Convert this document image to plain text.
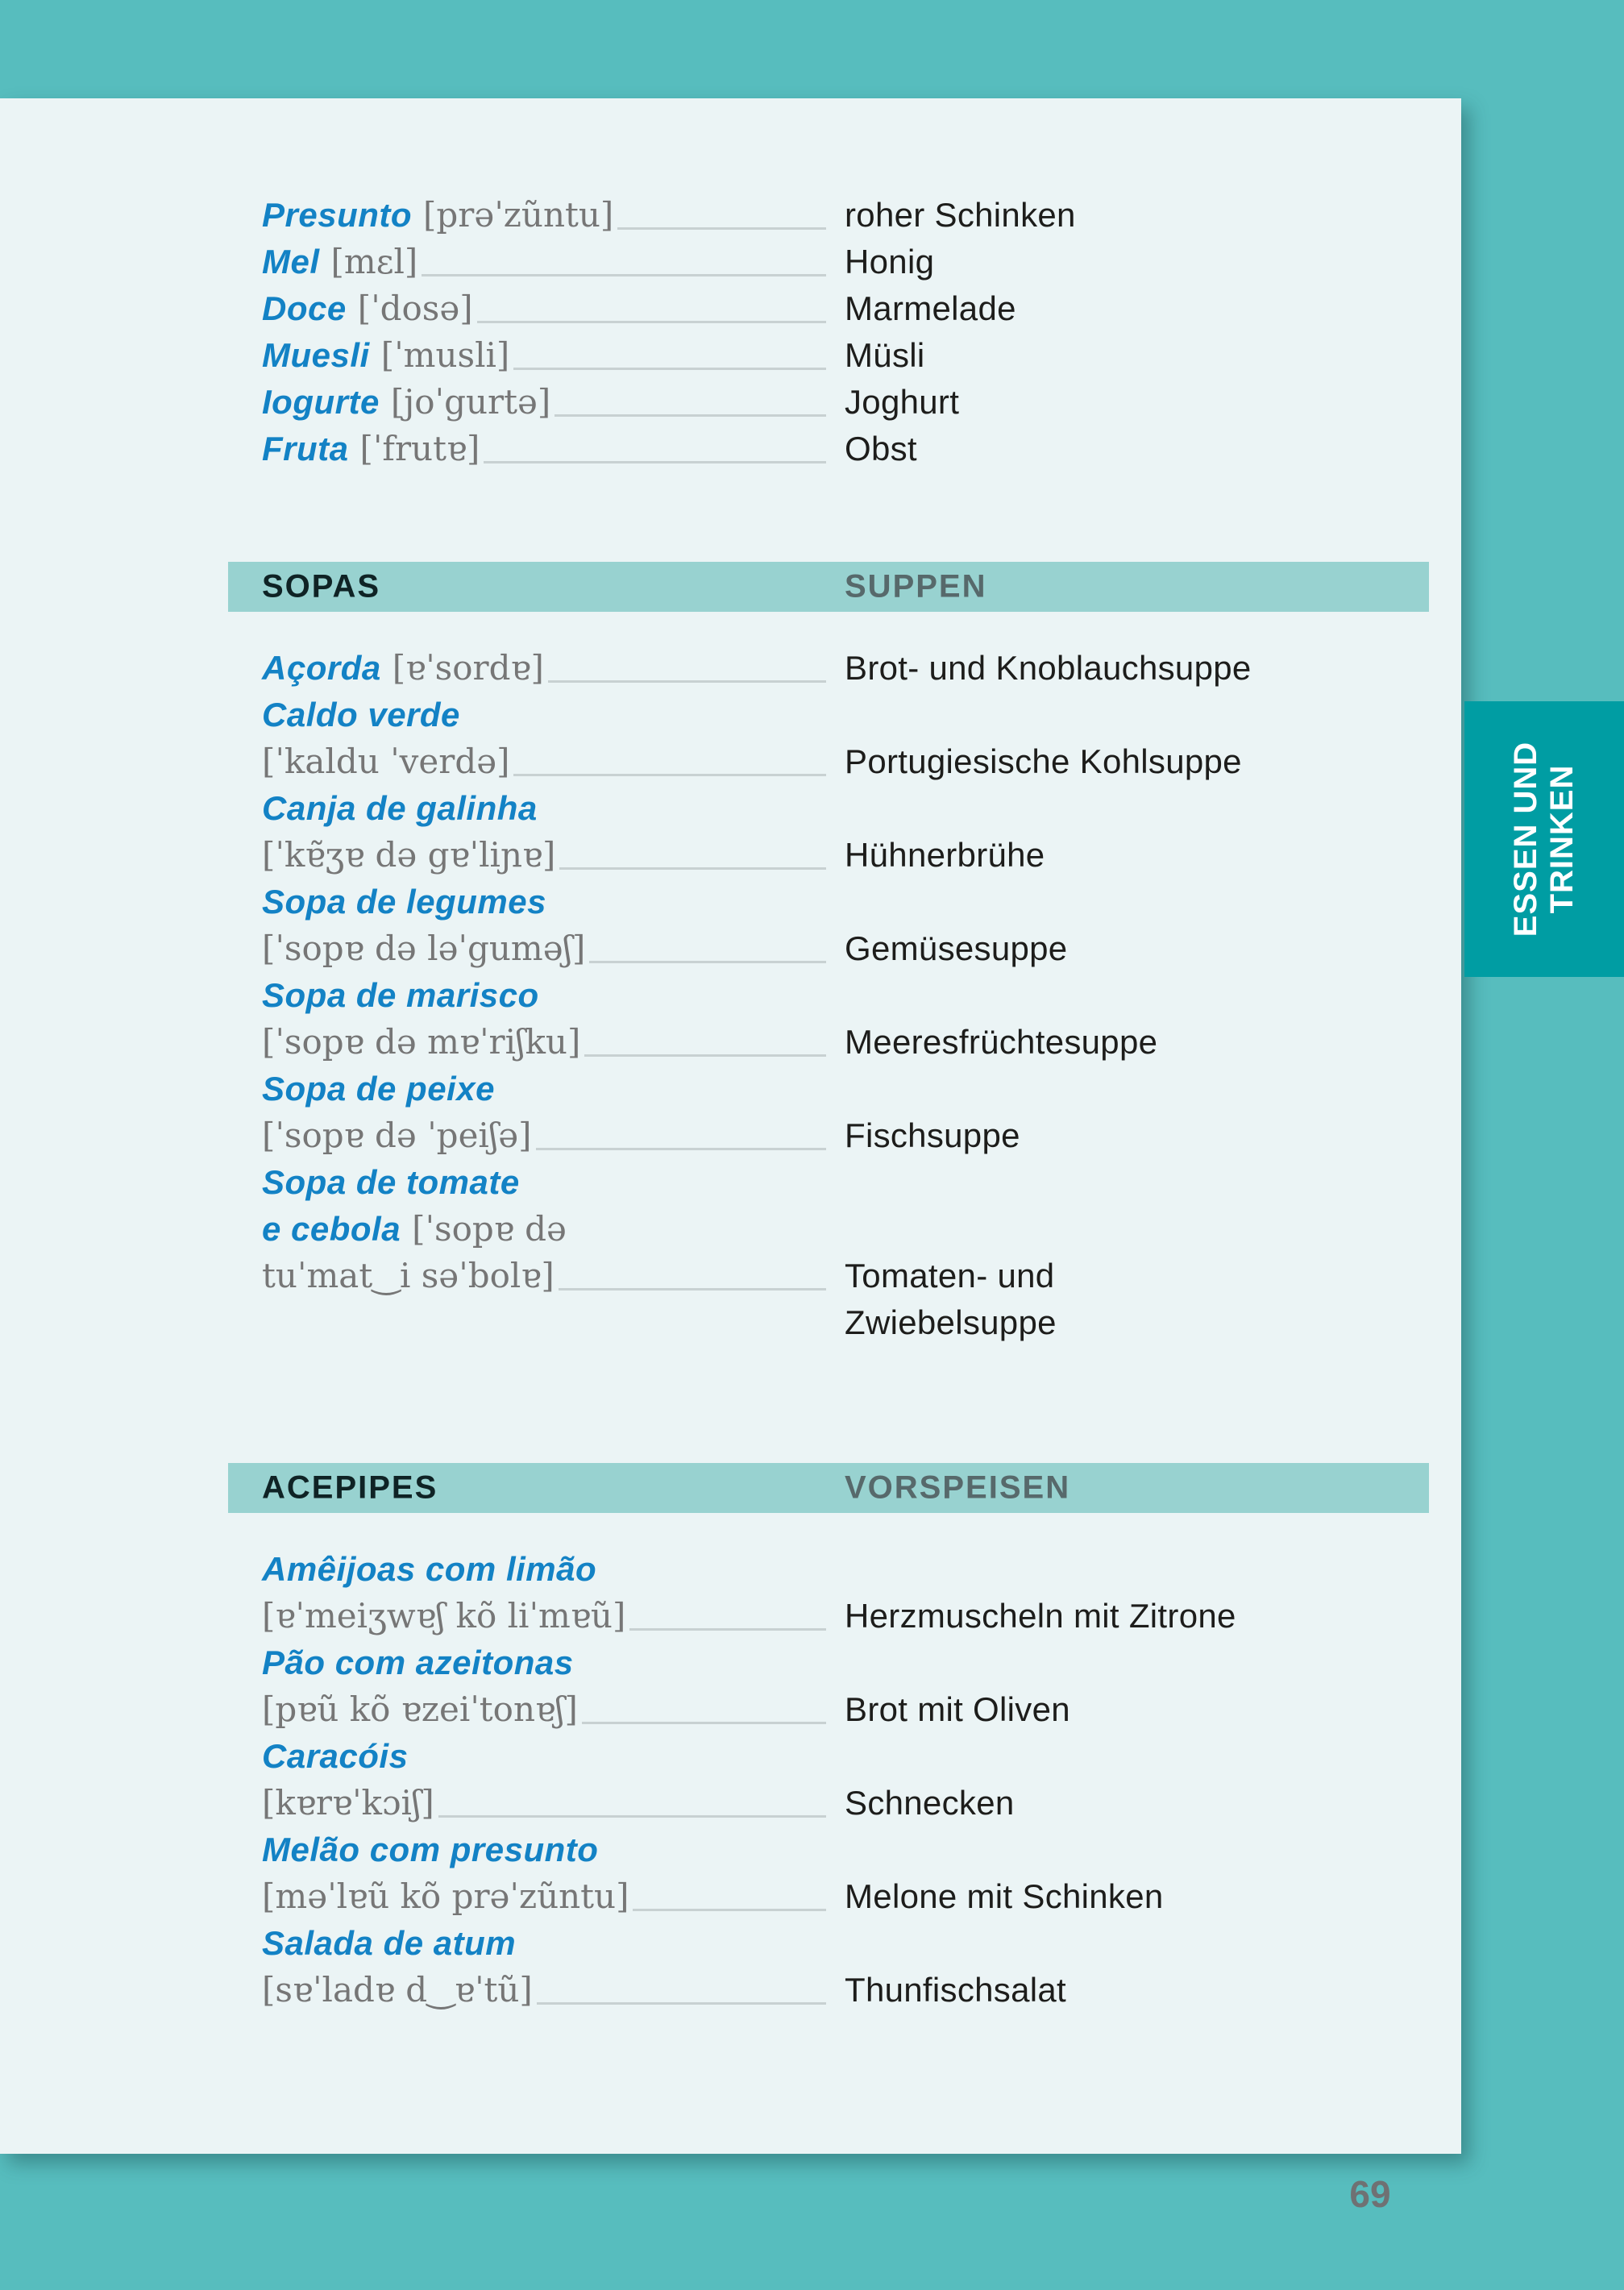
Presunto [prəˈzũntu]	roher Schinken
Mel [mɛl]	Honig
Doce [ˈdosə]	Marmelade
Muesli [ˈmusli]	Müsli
Iogurte [joˈgurtə]	Joghurt
Fruta [ˈfrutɐ]	Obst
SOPAS	SUPPEN
Açorda [ɐˈsordɐ]	Brot- und Knoblauchsuppe
Caldo verde
[ˈkaldu ˈverdə]	Portugiesische Kohlsuppe
Canja de galinha
[ˈkɐ̃ʒɐ də gɐˈliɲɐ]	Hühnerbrühe
Sopa de legumes
[ˈsopɐ də ləˈguməʃ]	Gemüsesuppe
Sopa de marisco
[ˈsopɐ də mɐˈriʃku]	Meeresfrüchtesuppe
Sopa de peixe
[ˈsopɐ də ˈpeiʃə]	Fischsuppe
Sopa de tomate
e cebola [ˈsopɐ də
tuˈmat‿i səˈbolɐ]	Tomaten- und
Zwiebelsuppe
ACEPIPES	VORSPEISEN
Amêijoas com limão
[ɐˈmeiʒwɐʃ kõ liˈmɐũ]	Herzmuscheln mit Zitrone
Pão com azeitonas
[pɐũ kõ ɐzeiˈtonɐʃ]	Brot mit Oliven
Caracóis
[kɐrɐˈkɔiʃ]	Schnecken
Melão com presunto
[məˈlɐũ kõ prəˈzũntu]	Melone mit Schinken
Salada de atum
[sɐˈladɐ d‿ɐˈtũ]	Thunfischsalat
ESSEN UND TRINKEN
69
